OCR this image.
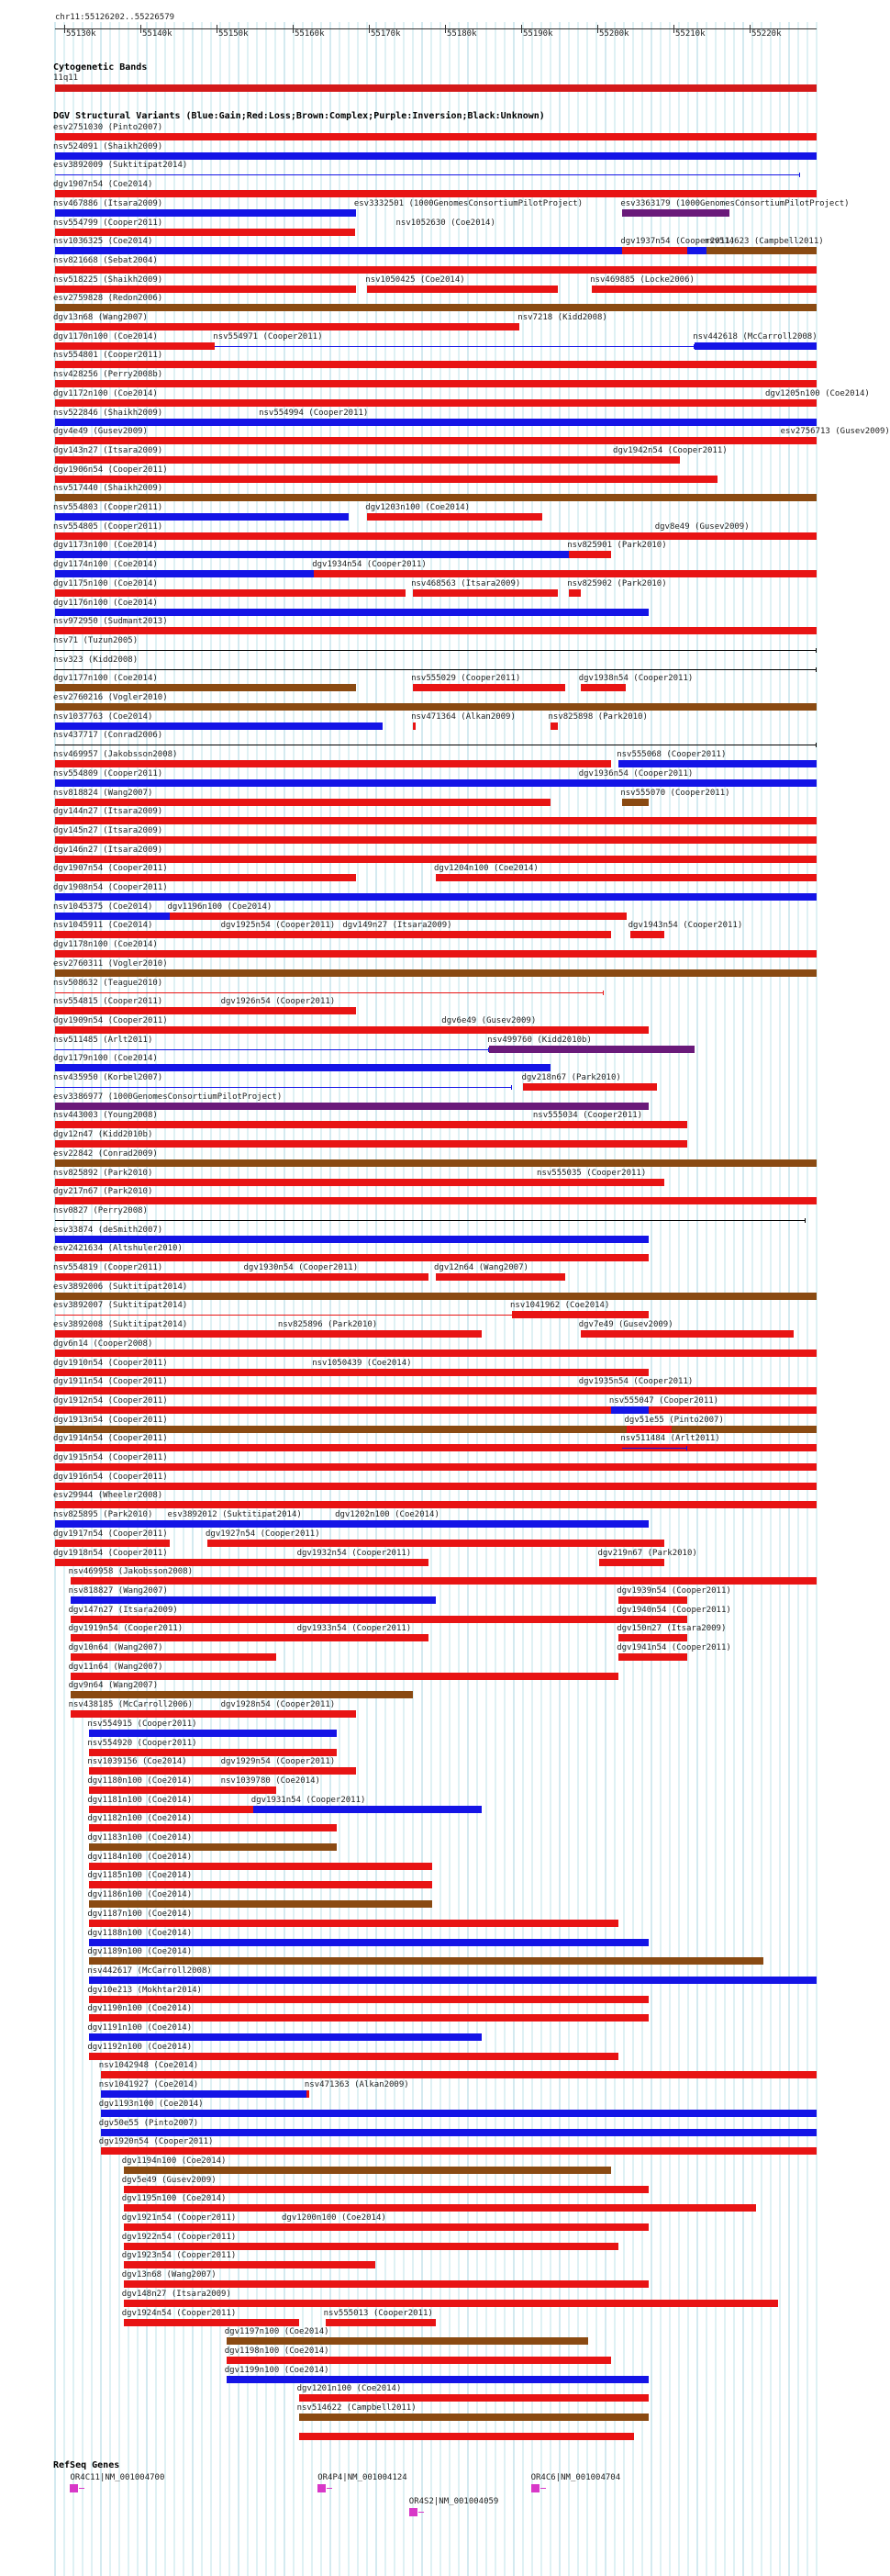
chr11:55126202..55226579
55130k	55140k	55150k	55160k	55170k	55180k	55190k	55200k	55210k	55220k
Cytogenetic Bands
11q11
DGV Structural Variants (Blue:Gain;Red:Loss;Brown:Complex;Purple:Inversion;Black:Unknown)
esv2751030 (Pinto2007)
nsv524091 (Shaikh2009)
esv3892009 (Suktitipat2014)
dgv1907n54 (Coe2014)
nsv467886 (Itsara2009)	esv3332501 (1000GenomesConsortiumPilotProject)	esv3363179 (1000GenomesConsortiumPilotProject)
nsv554799 (Cooper2011)	nsv1052630 (Coe2014)
nsv1036325 (Coe2014)	dgv1937n54 (Cooper2011)
nsv514623 (Campbell2011)
nsv821668 (Sebat2004)
nsv518225 (Shaikh2009)	nsv1050425 (Coe2014)	nsv469885 (Locke2006)
esv2759828 (Redon2006)
dgv13n68 (Wang2007)	nsv7218 (Kidd2008)
dgv1170n100 (Coe2014)	nsv554971 (Cooper2011)	nsv442618 (McCarroll2008)
nsv554801 (Cooper2011)
nsv428256 (Perry2008b)
dgv1172n100 (Coe2014)	dgv1205n100 (Coe2014)
nsv522846 (Shaikh2009)	nsv554994 (Cooper2011)
dgv4e49 (Gusev2009)	esv2756713 (Gusev2009)
dgv143n27 (Itsara2009)	dgv1942n54 (Cooper2011)
dgv1906n54 (Cooper2011)
nsv517440 (Shaikh2009)
nsv554803 (Cooper2011)	dgv1203n100 (Coe2014)
nsv554805 (Cooper2011)	dgv8e49 (Gusev2009)
dgv1173n100 (Coe2014)	nsv825901 (Park2010)
dgv1174n100 (Coe2014)	dgv1934n54 (Cooper2011)
dgv1175n100 (Coe2014)	nsv468563 (Itsara2009)	nsv825902 (Park2010)
dgv1176n100 (Coe2014)
nsv972950 (Sudmant2013)
nsv71 (Tuzun2005)
nsv323 (Kidd2008)
dgv1177n100 (Coe2014)	nsv555029 (Cooper2011)	dgv1938n54 (Cooper2011)
esv2760216 (Vogler2010)
nsv1037763 (Coe2014)	nsv471364 (Alkan2009)	nsv825898 (Park2010)
nsv437717 (Conrad2006)
nsv469957 (Jakobsson2008)	nsv555068 (Cooper2011)
nsv554809 (Cooper2011)	dgv1936n54 (Cooper2011)
nsv818824 (Wang2007)	nsv555070 (Cooper2011)
dgv144n27 (Itsara2009)
dgv145n27 (Itsara2009)
dgv146n27 (Itsara2009)
dgv1907n54 (Cooper2011)	dgv1204n100 (Coe2014)
dgv1908n54 (Cooper2011)
nsv1045375 (Coe2014) dgv1196n100 (Coe2014)
nsv1045911 (Coe2014)	dgv1925n54 (Cooper2011) dgv149n27 (Itsara2009)	dgv1943n54 (Cooper2011)
dgv1178n100 (Coe2014)
esv2760311 (Vogler2010)
nsv508632 (Teague2010)
nsv554815 (Cooper2011)	dgv1926n54 (Cooper2011)
dgv1909n54 (Cooper2011)	dgv6e49 (Gusev2009)
nsv511485 (Arlt2011)	nsv499760 (Kidd2010b)
dgv1179n100 (Coe2014)
nsv435950 (Korbel2007)	dgv218n67 (Park2010)
esv3386977 (1000GenomesConsortiumPilotProject)
nsv443003 (Young2008)	nsv555034 (Cooper2011)
dgv12n47 (Kidd2010b)
esv22842 (Conrad2009)
nsv825892 (Park2010)	nsv555035 (Cooper2011)
dgv217n67 (Park2010)
nsv0827 (Perry2008)
esv33874 (deSmith2007)
esv2421634 (Altshuler2010)
nsv554819 (Cooper2011)	dgv1930n54 (Cooper2011)	dgv12n64 (Wang2007)
esv3892006 (Suktitipat2014)
esv3892007 (Suktitipat2014)	nsv1041962 (Coe2014)
esv3892008 (Suktitipat2014)	nsv825896 (Park2010)	dgv7e49 (Gusev2009)
dgv6n14 (Cooper2008)
dgv1910n54 (Cooper2011)	nsv1050439 (Coe2014)
dgv1911n54 (Cooper2011)	dgv1935n54 (Cooper2011)
dgv1912n54 (Cooper2011)	nsv555047 (Cooper2011)
dgv1913n54 (Cooper2011)	dgv51e55 (Pinto2007)
dgv1914n54 (Cooper2011)	nsv511484 (Arlt2011)
dgv1915n54 (Cooper2011)
dgv1916n54 (Cooper2011)
esv29944 (Wheeler2008)
nsv825895 (Park2010) esv3892012 (Suktitipat2014)	dgv1202n100 (Coe2014)
dgv1917n54 (Cooper2011)	dgv1927n54 (Cooper2011)
dgv1918n54 (Cooper2011)	dgv1932n54 (Cooper2011)	dgv219n67 (Park2010)
nsv469958 (Jakobsson2008)
nsv818827 (Wang2007)	dgv1939n54 (Cooper2011)
dgv147n27 (Itsara2009)	dgv1940n54 (Cooper2011)
dgv1919n54 (Cooper2011)	dgv1933n54 (Cooper2011)	dgv150n27 (Itsara2009)
dgv10n64 (Wang2007)	dgv1941n54 (Cooper2011)
dgv11n64 (Wang2007)
dgv9n64 (Wang2007)
nsv438185 (McCarroll2006)	dgv1928n54 (Cooper2011)
nsv554915 (Cooper2011)
nsv554920 (Cooper2011)
nsv1039156 (Coe2014)	dgv1929n54 (Cooper2011)
dgv1180n100 (Coe2014)	nsv1039780 (Coe2014)
dgv1181n100 (Coe2014)	dgv1931n54 (Cooper2011)
dgv1182n100 (Coe2014)
dgv1183n100 (Coe2014)
dgv1184n100 (Coe2014)
dgv1185n100 (Coe2014)
dgv1186n100 (Coe2014)
dgv1187n100 (Coe2014)
dgv1188n100 (Coe2014)
dgv1189n100 (Coe2014)
nsv442617 (McCarroll2008)
dgv10e213 (Mokhtar2014)
dgv1190n100 (Coe2014)
dgv1191n100 (Coe2014)
dgv1192n100 (Coe2014)
nsv1042948 (Coe2014)
nsv1041927 (Coe2014)	nsv471363 (Alkan2009)
dgv1193n100 (Coe2014)
dgv50e55 (Pinto2007)
dgv1920n54 (Cooper2011)
dgv1194n100 (Coe2014)
dgv5e49 (Gusev2009)
dgv1195n100 (Coe2014)
dgv1921n54 (Cooper2011)	dgv1200n100 (Coe2014)
dgv1922n54 (Cooper2011)
dgv1923n54 (Cooper2011)
dgv13n68 (Wang2007)
dgv148n27 (Itsara2009)
dgv1924n54 (Cooper2011)	nsv555013 (Cooper2011)
dgv1197n100 (Coe2014)
dgv1198n100 (Coe2014)
dgv1199n100 (Coe2014)
dgv1201n100 (Coe2014)
nsv514622 (Campbell2011)
RefSeq Genes
OR4C11|NM_001004700	OR4P4|NM_001004124	OR4C6|NM_001004704
OR4S2|NM_001004059
